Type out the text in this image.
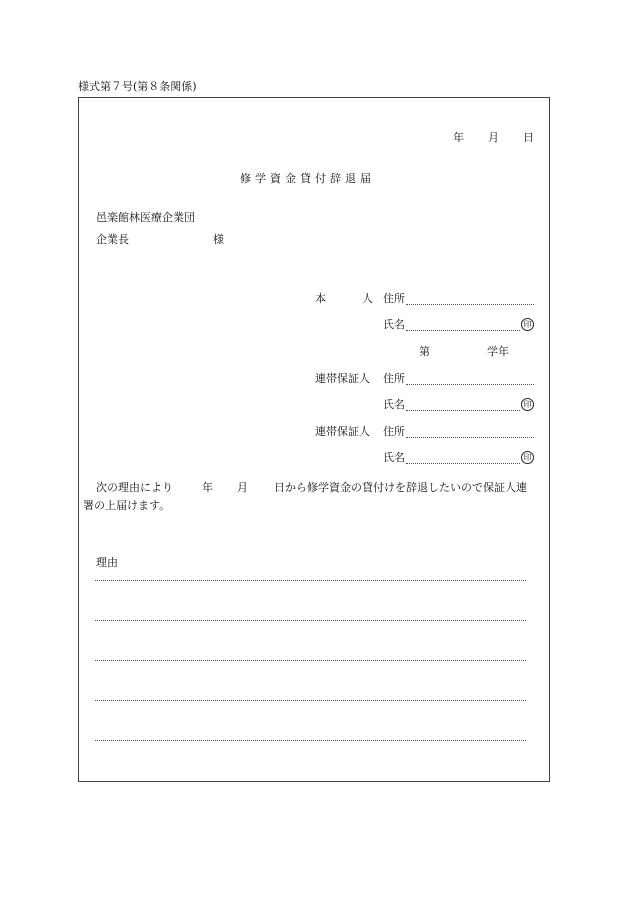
様式第７号(第８条関係)
年 月 日
修学資金貸付辞退届
邑楽館林医療企業団
企業長	様
本	人 住所
氏名	印
第	学年
連帯保証人 住所
氏名	印
連帯保証人 住所
氏名	印
次の理由により	年 月 日から修学資金の貸付けを辞退したいので保証人連
署の上届けます。
理由
